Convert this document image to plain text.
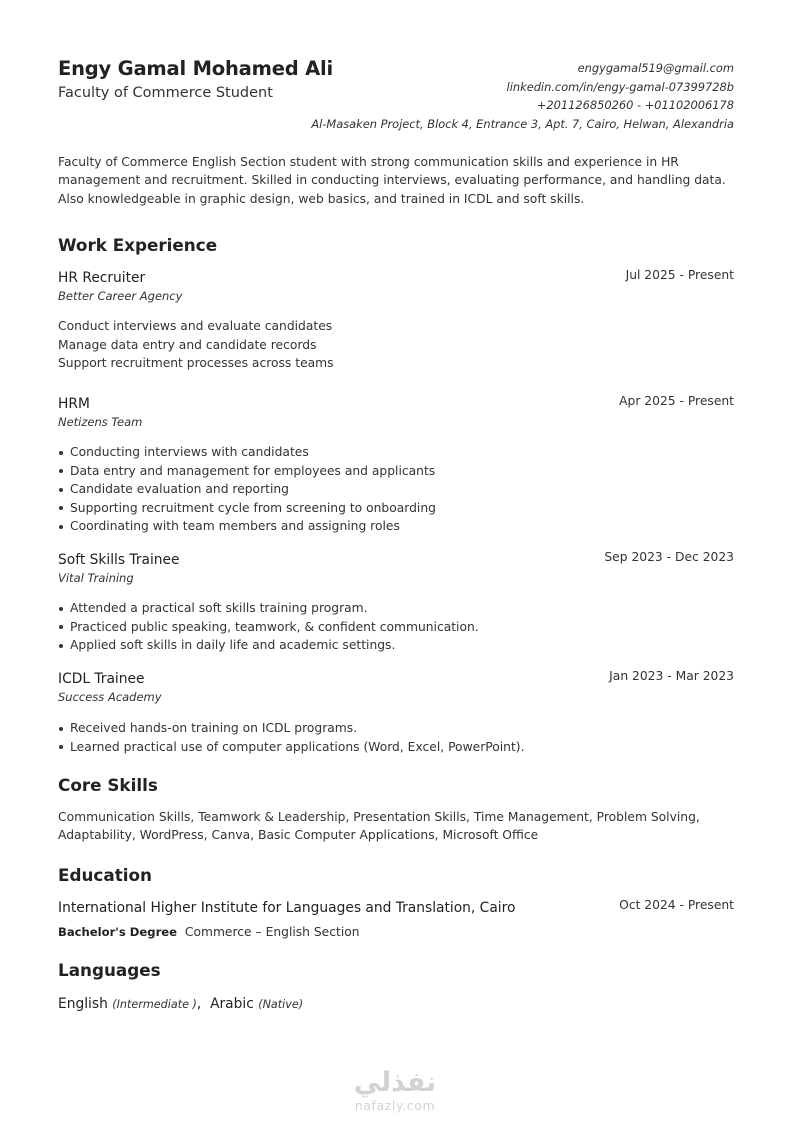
Engy Gamal Mohamed Ali
Faculty of Commerce Student
engygamal519@gmail.com
linkedin.com/in/engy-gamal-07399728b
+201126850260 - +01102006178
Al-Masaken Project, Block 4, Entrance 3, Apt. 7, Cairo, Helwan, Alexandria
Faculty of Commerce English Section student with strong communication skills and experience in HR management and recruitment. Skilled in conducting interviews, evaluating performance, and handling data. Also knowledgeable in graphic design, web basics, and trained in ICDL and soft skills.
Work Experience
HR Recruiter	Jul 2025 - Present
Better Career Agency
Conduct interviews and evaluate candidates
Manage data entry and candidate records
Support recruitment processes across teams
HRM	Apr 2025 - Present
Netizens Team
Conducting interviews with candidates
Data entry and management for employees and applicants
Candidate evaluation and reporting
Supporting recruitment cycle from screening to onboarding
Coordinating with team members and assigning roles
Soft Skills Trainee	Sep 2023 - Dec 2023
Vital Training
Attended a practical soft skills training program.
Practiced public speaking, teamwork, & confident communication.
Applied soft skills in daily life and academic settings.
ICDL Trainee	Jan 2023 - Mar 2023
Success Academy
Received hands-on training on ICDL programs.
Learned practical use of computer applications (Word, Excel, PowerPoint).
Core Skills
Communication Skills, Teamwork & Leadership, Presentation Skills, Time Management, Problem Solving, Adaptability, WordPress, Canva, Basic Computer Applications, Microsoft Office
Education
International Higher Institute for Languages and Translation, Cairo	Oct 2024 - Present
Bachelor's Degree Commerce – English Section
Languages
English (Intermediate ), Arabic (Native)
نفذلي
nafazly.com
